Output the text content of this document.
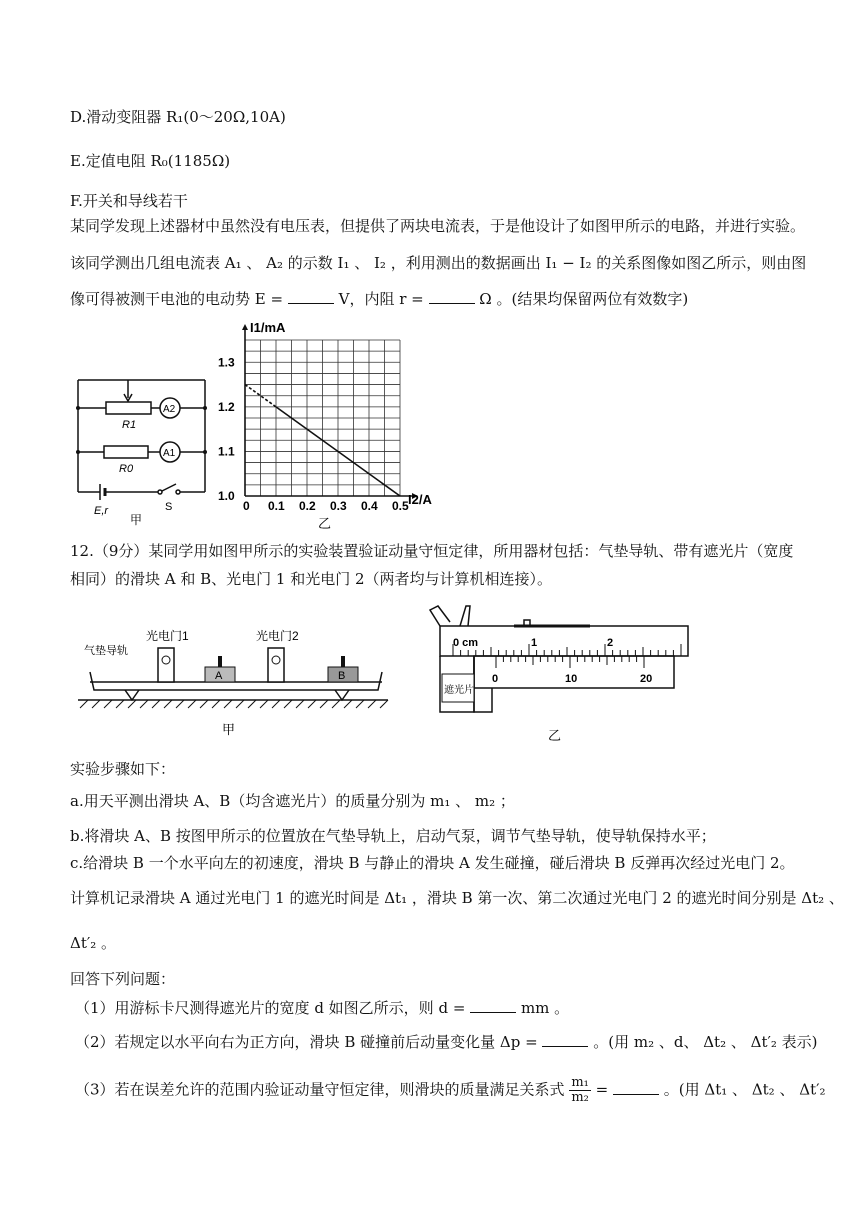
D.滑动变阻器 R₁(0～20Ω,10A)
E.定值电阻 R₀(1185Ω)
F.开关和导线若干
某同学发现上述器材中虽然没有电压表，但提供了两块电流表，于是他设计了如图甲所示的电路，并进行实验。
该同学测出几组电流表 A₁ 、 A₂ 的示数 I₁ 、 I₂ ，利用测出的数据画出 I₁ − I₂ 的关系图像如图乙所示，则由图
像可得被测干电池的电动势 E =	V，内阻 r =	Ω 。(结果均保留两位有效数字)
R1
R0
A2
A1
E,r	S
甲
0 0.1 0.2 0.3 0.4 0.5
1.0
1.1
1.2
1.3
I1/mA
I2/A
乙
12.（9分）某同学用如图甲所示的实验装置验证动量守恒定律，所用器材包括：气垫导轨、带有遮光片（宽度
相同）的滑块 A 和 B、光电门 1 和光电门 2（两者均与计算机相连接）。
气垫导轨
光电门1	光电门2
A	B
甲
0 cm	1	2
0	10	20
遮光片
乙
实验步骤如下：
a.用天平测出滑块 A、B（均含遮光片）的质量分别为 m₁ 、 m₂ ；
b.将滑块 A、B 按图甲所示的位置放在气垫导轨上，启动气泵，调节气垫导轨，使导轨保持水平；
c.给滑块 B 一个水平向左的初速度，滑块 B 与静止的滑块 A 发生碰撞，碰后滑块 B 反弹再次经过光电门 2。
计算机记录滑块 A 通过光电门 1 的遮光时间是 Δt₁ ，滑块 B 第一次、第二次通过光电门 2 的遮光时间分别是 Δt₂ 、
Δt′₂ 。
回答下列问题：
（1）用游标卡尺测得遮光片的宽度 d 如图乙所示，则 d =	mm 。
（2）若规定以水平向右为正方向，滑块 B 碰撞前后动量变化量 Δp =	。(用 m₂ 、d、 Δt₂ 、 Δt′₂ 表示)
（3）若在误差允许的范围内验证动量守恒定律，则滑块的质量满足关系式 $\frac{\text{m₁}}{\text{m₂}}$ =	。(用 Δt₁ 、 Δt₂ 、 Δt′₂
